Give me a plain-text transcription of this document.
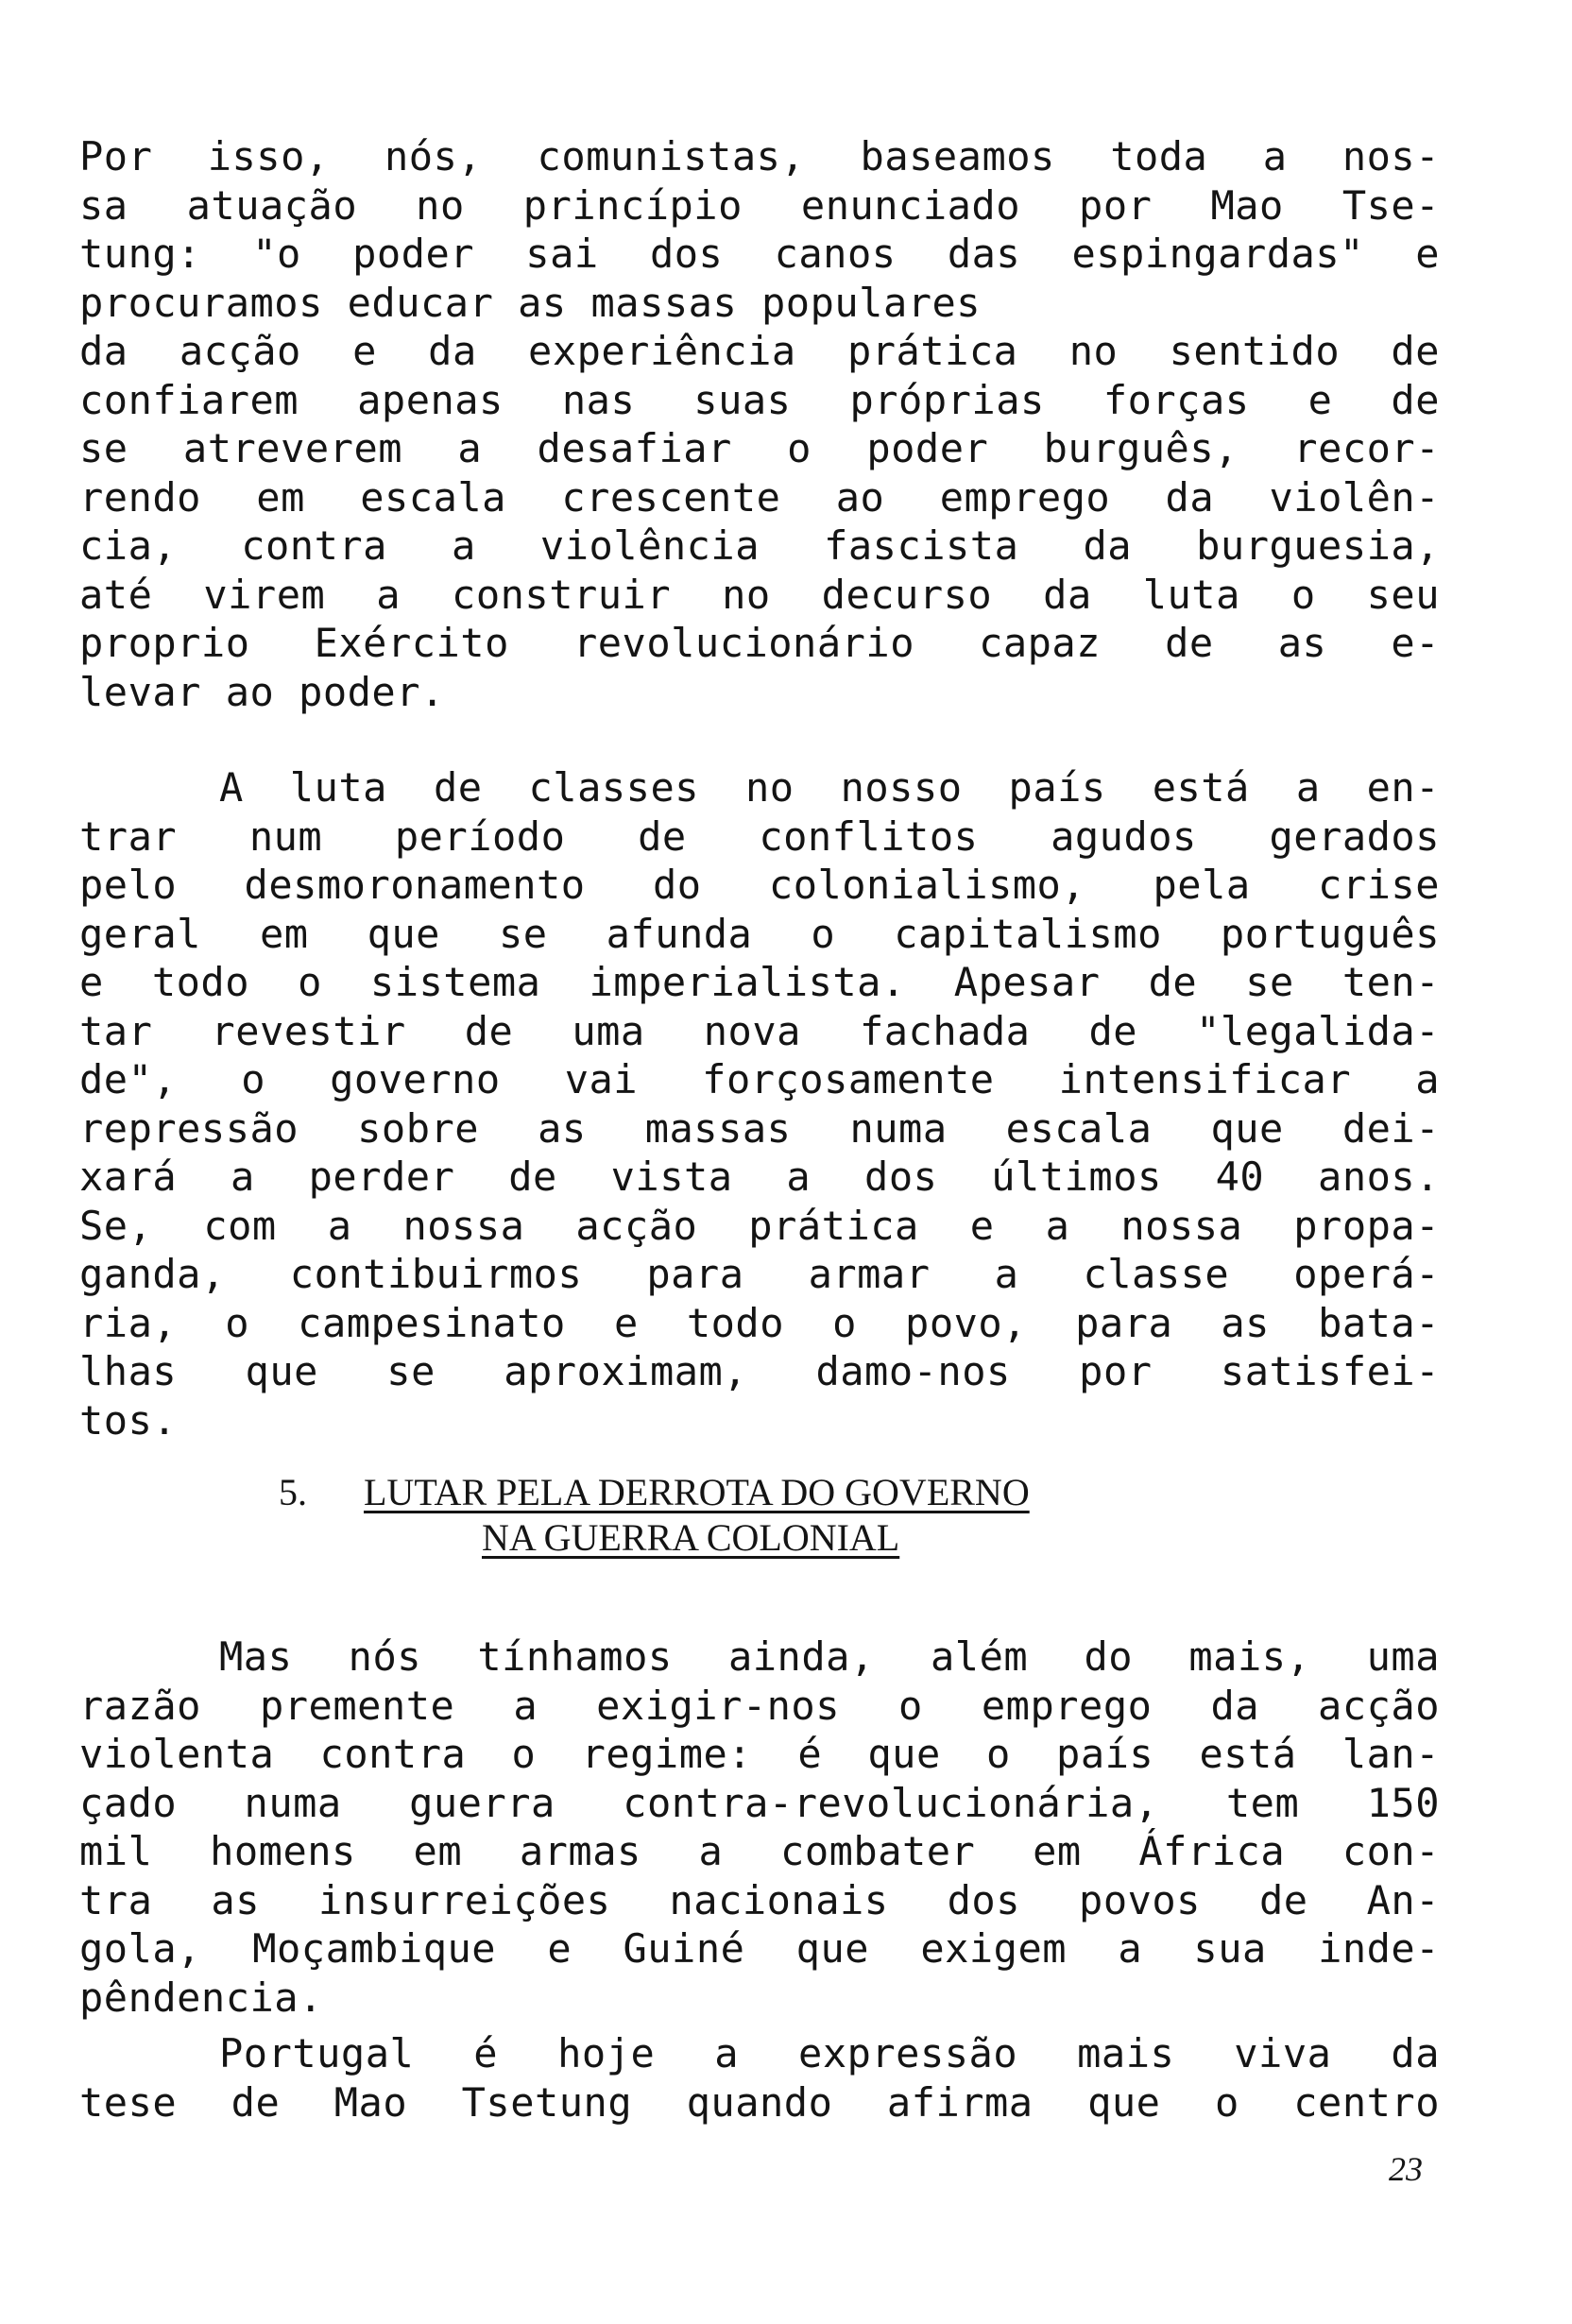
Por isso, nós, comunistas, baseamos toda a nos-
sa atuação no princípio enunciado por Mao Tse-
tung: "o poder sai dos canos das espingardas" e
procuramos educar as massas populares
da acção e da experiência prática no sentido de
confiarem apenas nas suas próprias forças e de
se atreverem a desafiar o poder burguês, recor-
rendo em escala crescente ao emprego da violên-
cia, contra a violência fascista da burguesia,
até virem a construir no decurso da luta o seu
proprio Exército revolucionário capaz de as e-
levar ao poder.
A luta de classes no nosso país está a en-
trar num período de conflitos agudos gerados
pelo desmoronamento do colonialismo, pela crise
geral em que se afunda o capitalismo português
e todo o sistema imperialista. Apesar de se ten-
tar revestir de uma nova fachada de "legalida-
de", o governo vai forçosamente intensificar a
repressão sobre as massas numa escala que dei-
xará a perder de vista a dos últimos 40 anos.
Se, com a nossa acção prática e a nossa propa-
ganda, contibuirmos para armar a classe operá-
ria, o campesinato e todo o povo, para as bata-
lhas que se aproximam, damo-nos por satisfei-
tos.
5. LUTAR PELA DERROTA DO GOVERNO
NA GUERRA COLONIAL
Mas nós tínhamos ainda, além do mais, uma
razão premente a exigir-nos o emprego da acção
violenta contra o regime: é que o país está lan-
çado numa guerra contra-revolucionária, tem 150
mil homens em armas a combater em África con-
tra as insurreições nacionais dos povos de An-
gola, Moçambique e Guiné que exigem a sua inde-
pêndencia.
Portugal é hoje a expressão mais viva da
tese de Mao Tsetung quando afirma que o centro
23
